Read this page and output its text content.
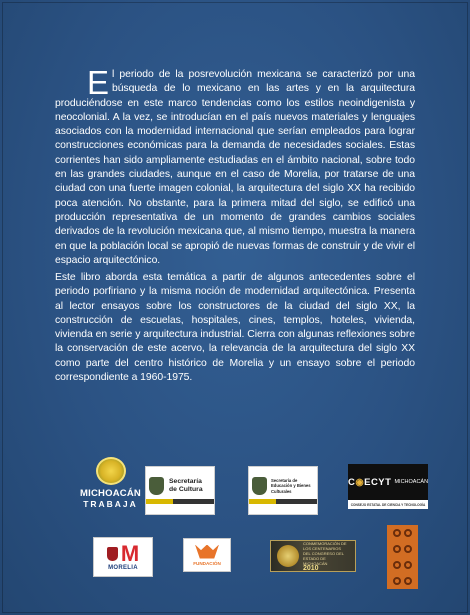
El periodo de la posrevolución mexicana se caracterizó por una búsqueda de lo mexicano en las artes y en la arquitectura produciéndose en este marco tendencias como los estilos neoindigenista y neocolonial. A la vez, se introducían en el país nuevos materiales y lenguajes asociados con la modernidad internacional que serían empleados para lograr construcciones económicas para la demanda de necesidades sociales. Estas corrientes han sido ampliamente estudiadas en el ámbito nacional, sobre todo en las grandes ciudades, aunque en el caso de Morelia, por tratarse de una ciudad con una fuerte imagen colonial, la arquitectura del siglo XX ha recibido poca atención. No obstante, para la primera mitad del siglo, se edificó una producción representativa de un momento de grandes cambios sociales derivados de la revolución mexicana que, al mismo tiempo, muestra la manera en que la población local se apropió de nuevas formas de construir y de vivir el espacio arquitectónico.
Este libro aborda esta temática a partir de algunos antecedentes sobre el periodo porfiriano y la misma noción de modernidad arquitectónica. Presenta al lector ensayos sobre los constructores de la ciudad del siglo XX, la construcción de escuelas, hospitales, cines, templos, hoteles, vivienda, vivienda en serie y arquitectura industrial. Cierra con algunas reflexiones sobre la conservación de este acervo, la relevancia de la arquitectura del siglo XX como parte del centro histórico de Morelia y un ensayo sobre el periodo correspondiente a 1960-1975.
MICHOACÁN
TRABAJA
Secretaría
de Cultura
MICHOACÁN
Secretaría de Educación y Bienes Culturales
MICHOACÁN
C◉ECYT MICHOACÁN
CONSEJO ESTATAL DE CIENCIA Y TECNOLOGÍA
M
MORELIA
FUNDACIÓN
CONMEMORACIÓN DE LOS CENTENARIOS DEL CONGRESO DEL ESTADO DE MICHOACÁN
2010
